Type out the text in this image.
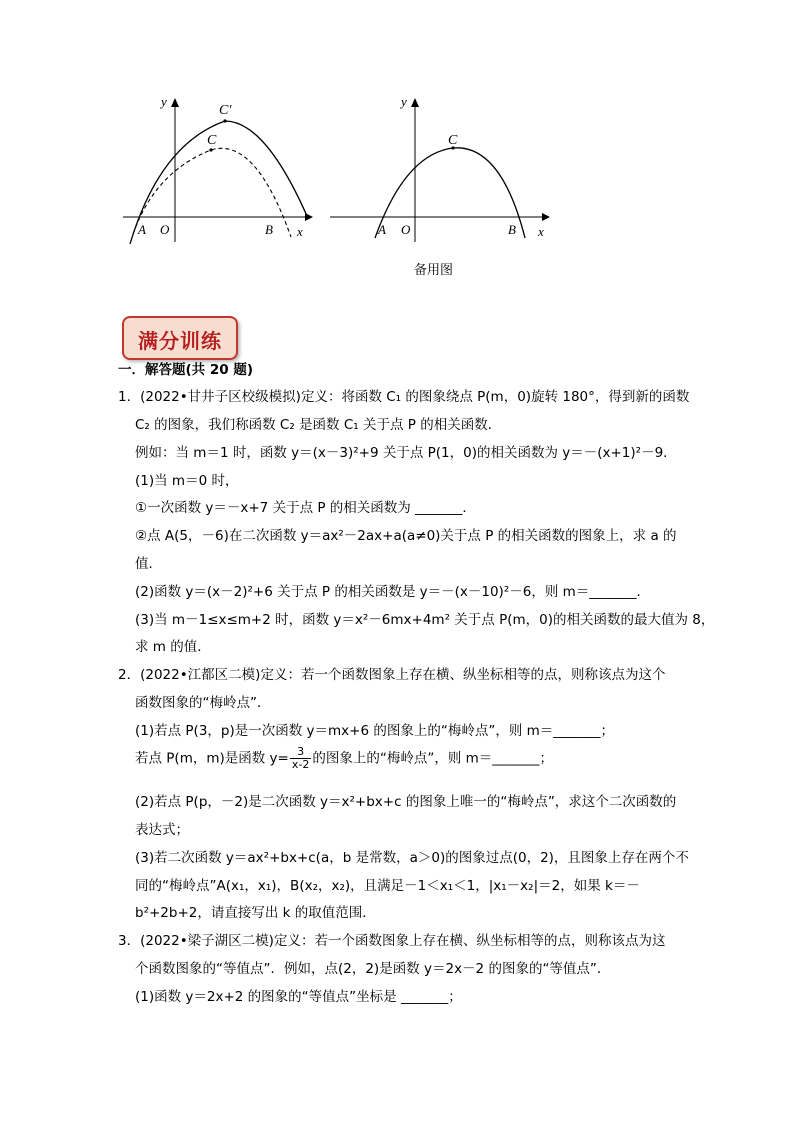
y
C′
C
A O	B x
y
C
A O	B x
备用图
满分训练
一．解答题(共 20 题)
1．(2022•甘井子区校级模拟)定义：将函数 C₁ 的图象绕点 P(m，0)旋转 180°，得到新的函数
C₂ 的图象，我们称函数 C₂ 是函数 C₁ 关于点 P 的相关函数．
例如：当 m＝1 时，函数 y＝(x－3)²+9 关于点 P(1，0)的相关函数为 y＝－(x+1)²－9．
(1)当 m＝0 时，
①一次函数 y＝－x+7 关于点 P 的相关函数为 _______．
②点 A(5，－6)在二次函数 y＝ax²－2ax+a(a≠0)关于点 P 的相关函数的图象上，求 a 的
值．
(2)函数 y＝(x－2)²+6 关于点 P 的相关函数是 y＝－(x－10)²－6，则 m＝_______．
(3)当 m－1≤x≤m+2 时，函数 y＝x²－6mx+4m² 关于点 P(m，0)的相关函数的最大值为 8，
求 m 的值．
2．(2022•江都区二模)定义：若一个函数图象上存在横、纵坐标相等的点，则称该点为这个
函数图象的“梅岭点”．
(1)若点 P(3，p)是一次函数 y＝mx+6 的图象上的“梅岭点”，则 m＝_______；
若点 P(m，m)是函数 $y= \frac{3}{x-2}$ 的图象上的“梅岭点”，则 m＝_______；
(2)若点 P(p，－2)是二次函数 y＝x²+bx+c 的图象上唯一的“梅岭点”，求这个二次函数的
表达式；
(3)若二次函数 y＝ax²+bx+c(a，b 是常数，a＞0)的图象过点(0，2)，且图象上存在两个不
同的“梅岭点”A(x₁，x₁)，B(x₂，x₂)，且满足－1＜x₁＜1，|x₁－x₂|＝2，如果 k＝－
b²+2b+2，请直接写出 k 的取值范围．
3．(2022•梁子湖区二模)定义：若一个函数图象上存在横、纵坐标相等的点，则称该点为这
个函数图象的“等值点”．例如，点(2，2)是函数 y＝2x－2 的图象的“等值点”．
(1)函数 y＝2x+2 的图象的“等值点”坐标是 _______；
